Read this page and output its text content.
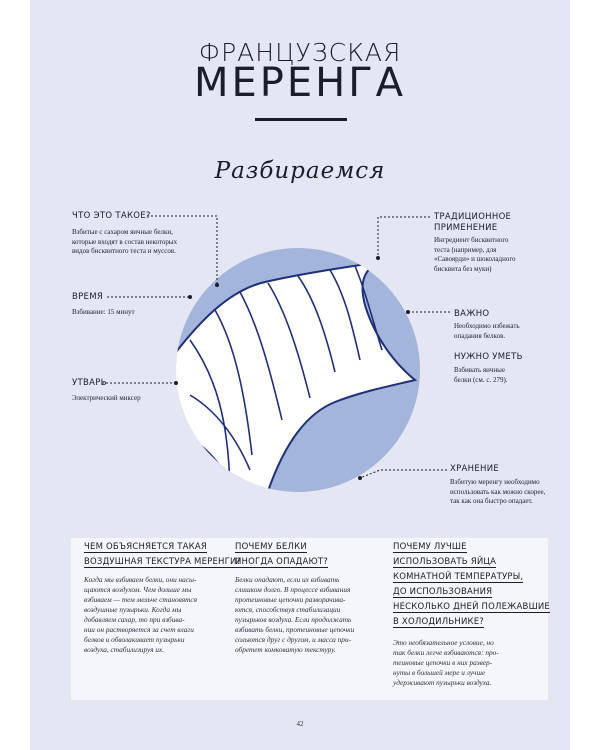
ФРАНЦУЗСКАЯ
МЕРЕНГА
Разбираемся
ЧТО ЭТО ТАКОЕ?
Взбитые с сахаром яичные белки,
которые входят в состав некоторых
видов бисквитного теста и муссов.
ВРЕМЯ
Взбивание: 15 минут
УТВАРЬ
Электрический миксер
ТРАДИЦИОННОЕ
ПРИМЕНЕНИЕ
Ингредиент бисквитного
теста (например, для
«Савоярди» и шоколадного
бисквита без муки)
ВАЖНО
Необходимо избежать
опадания белков.
НУЖНО УМЕТЬ
Взбивать яичные
белки (см. с. 279).
ХРАНЕНИЕ
Взбитую меренгу необходимо
использовать как можно скорее,
так как она быстро опадает.
ЧЕМ ОБЪЯСНЯЕТСЯ ТАКАЯ
ВОЗДУШНАЯ ТЕКСТУРА МЕРЕНГИ?
Когда мы взбиваем белки, они насы-
щаются воздухом. Чем дольше мы
взбиваем — тем мельче становятся
воздушные пузырьки. Когда мы
добавляем сахар, то при взбива-
нии он растворяется за счет влаги
белков и обволакивает пузырьки
воздуха, стабилизируя их.
ПОЧЕМУ БЕЛКИ
ИНОГДА ОПАДАЮТ?
Белки опадают, если их взбивать
слишком долго. В процессе взбивания
протеиновые цепочки разворачива-
ются, способствуя стабилизации
пузырьков воздуха. Если продолжать
взбивать белки, протеиновые цепочки
сольются друг с другом, и масса при-
обретет комковатую текстуру.
ПОЧЕМУ ЛУЧШЕ
ИСПОЛЬЗОВАТЬ ЯЙЦА
КОМНАТНОЙ ТЕМПЕРАТУРЫ,
ДО ИСПОЛЬЗОВАНИЯ
НЕСКОЛЬКО ДНЕЙ ПОЛЕЖАВШИЕ
В ХОЛОДИЛЬНИКЕ?
Это необязательное условие, но
так белки легче взбиваются: про-
теиновые цепочки в них развер-
нуты в большей мере и лучше
удерживают пузырьки воздуха.
42
